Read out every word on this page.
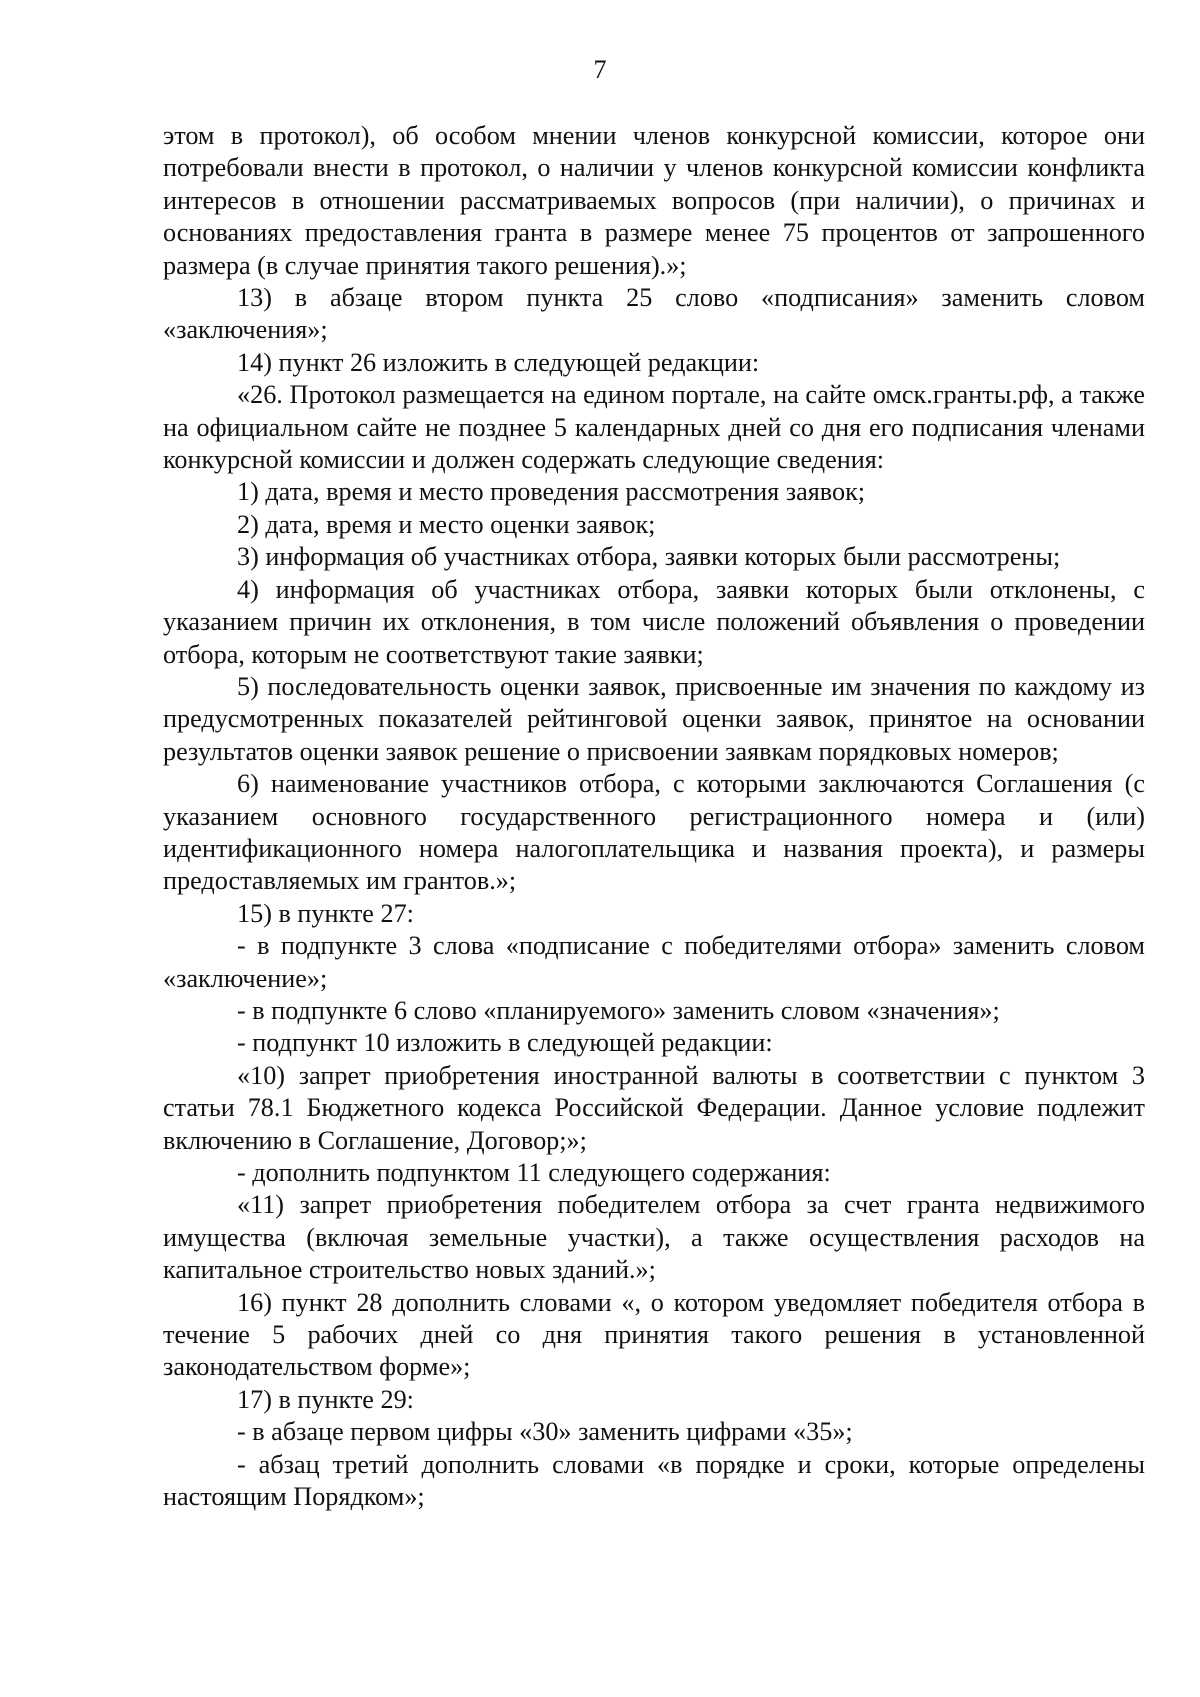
7

этом в протокол), об особом мнении членов конкурсной комиссии, которое они потребовали внести в протокол, о наличии у членов конкурсной комиссии конфликта интересов в отношении рассматриваемых вопросов (при наличии), о причинах и основаниях предоставления гранта в размере менее 75 процентов от запрошенного размера (в случае принятия такого решения).»;

13) в абзаце втором пункта 25 слово «подписания» заменить словом «заключения»;

14) пункт 26 изложить в следующей редакции:

«26. Протокол размещается на едином портале, на сайте омск.гранты.рф, а также на официальном сайте не позднее 5 календарных дней со дня его подписания членами конкурсной комиссии и должен содержать следующие сведения:

1) дата, время и место проведения рассмотрения заявок;

2) дата, время и место оценки заявок;

3) информация об участниках отбора, заявки которых были рассмотрены;

4) информация об участниках отбора, заявки которых были отклонены, с указанием причин их отклонения, в том числе положений объявления о проведении отбора, которым не соответствуют такие заявки;

5) последовательность оценки заявок, присвоенные им значения по каждому из предусмотренных показателей рейтинговой оценки заявок, принятое на основании результатов оценки заявок решение о присвоении заявкам порядковых номеров;

6) наименование участников отбора, с которыми заключаются Соглашения (с указанием основного государственного регистрационного номера и (или) идентификационного номера налогоплательщика и названия проекта), и размеры предоставляемых им грантов.»;

15) в пункте 27:

- в подпункте 3 слова «подписание с победителями отбора» заменить словом «заключение»;

- в подпункте 6 слово «планируемого» заменить словом «значения»;

- подпункт 10 изложить в следующей редакции:

«10) запрет приобретения иностранной валюты в соответствии с пунктом 3 статьи 78.1 Бюджетного кодекса Российской Федерации. Данное условие подлежит включению в Соглашение, Договор;»;

- дополнить подпунктом 11 следующего содержания:

«11) запрет приобретения победителем отбора за счет гранта недвижимого имущества (включая земельные участки), а также осуществления расходов на капитальное строительство новых зданий.»;

16) пункт 28 дополнить словами «, о котором уведомляет победителя отбора в течение 5 рабочих дней со дня принятия такого решения в установленной законодательством форме»;

17) в пункте 29:

- в абзаце первом цифры «30» заменить цифрами «35»;

- абзац третий дополнить словами «в порядке и сроки, которые определены настоящим Порядком»;
